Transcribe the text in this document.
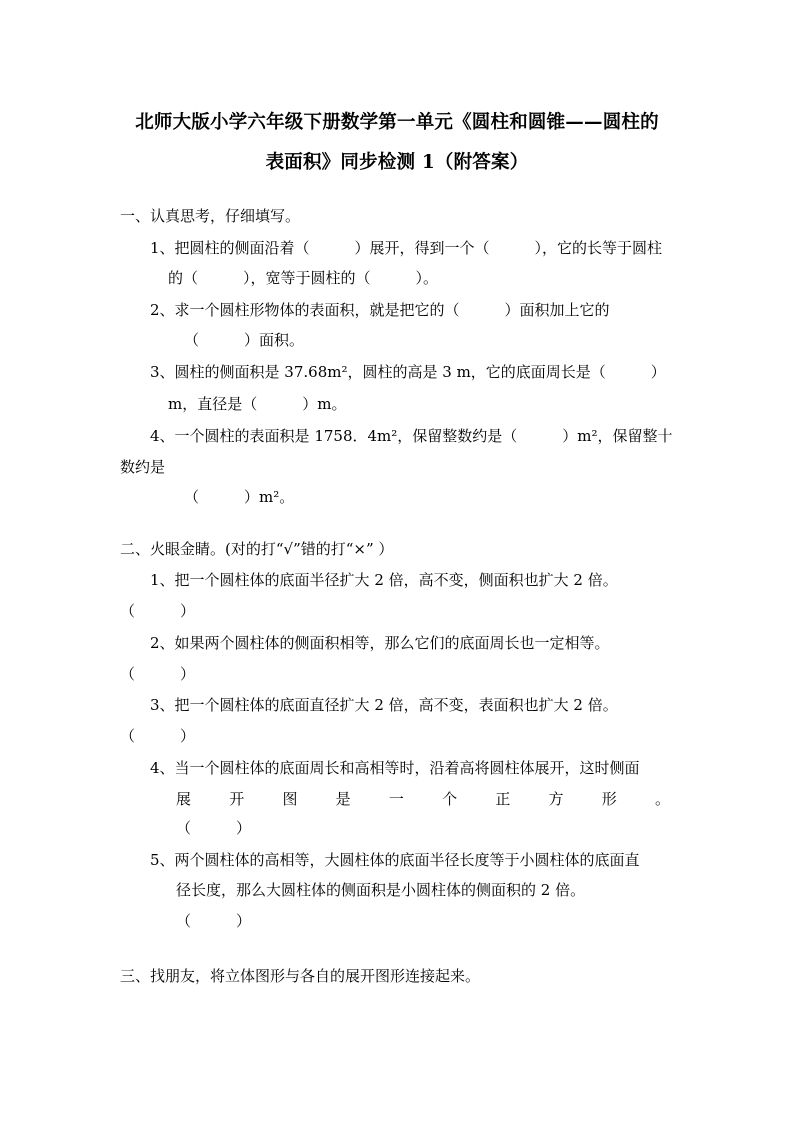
北师大版小学六年级下册数学第一单元《圆柱和圆锥——圆柱的
表面积》同步检测 1（附答案）
一、认真思考，仔细填写。
1、把圆柱的侧面沿着（　　　）展开，得到一个（　　　），它的长等于圆柱
的（　　　），宽等于圆柱的（　　　）。
2、求一个圆柱形物体的表面积，就是把它的（　　　）面积加上它的
（　　　）面积。
3、圆柱的侧面积是 37.68m²，圆柱的高是 3 m，它的底面周长是（　　　）
m，直径是（　　　）m。
4、一个圆柱的表面积是 1758．4m²，保留整数约是（　　　）m²，保留整十
数约是
（　　　）m²。
二、火眼金睛。(对的打“√”错的打“×” ）
1、把一个圆柱体的底面半径扩大 2 倍，高不变，侧面积也扩大 2 倍。
（　　　）
2、如果两个圆柱体的侧面积相等，那么它们的底面周长也一定相等。
（　　　）
3、把一个圆柱体的底面直径扩大 2 倍，高不变，表面积也扩大 2 倍。
（　　　）
4、当一个圆柱体的底面周长和高相等时，沿着高将圆柱体展开，这时侧面
展	开	图	是	一	个	正	方	形	。
（　　　）
5、两个圆柱体的高相等，大圆柱体的底面半径长度等于小圆柱体的底面直
径长度，那么大圆柱体的侧面积是小圆柱体的侧面积的 2 倍。
（　　　）
三、找朋友，将立体图形与各自的展开图形连接起来。
